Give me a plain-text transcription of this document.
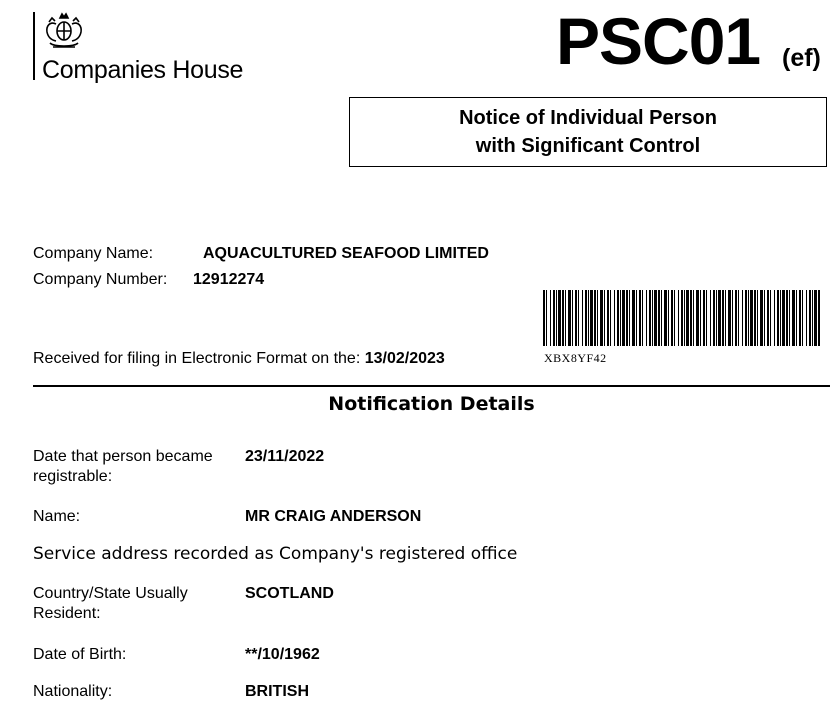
Companies House	PSC01 (ef)
Notice of Individual Person
with Significant Control
Company Name:	AQUACULTURED SEAFOOD LIMITED
Company Number: 12912274
XBX8YF42
Received for filing in Electronic Format on the: 13/02/2023
Notification Details
Date that person became registrable:
23/11/2022
Name:	MR CRAIG ANDERSON
Service address recorded as Company's registered office
Country/State Usually Resident:
SCOTLAND
Date of Birth:	**/10/1962
Nationality:	BRITISH
